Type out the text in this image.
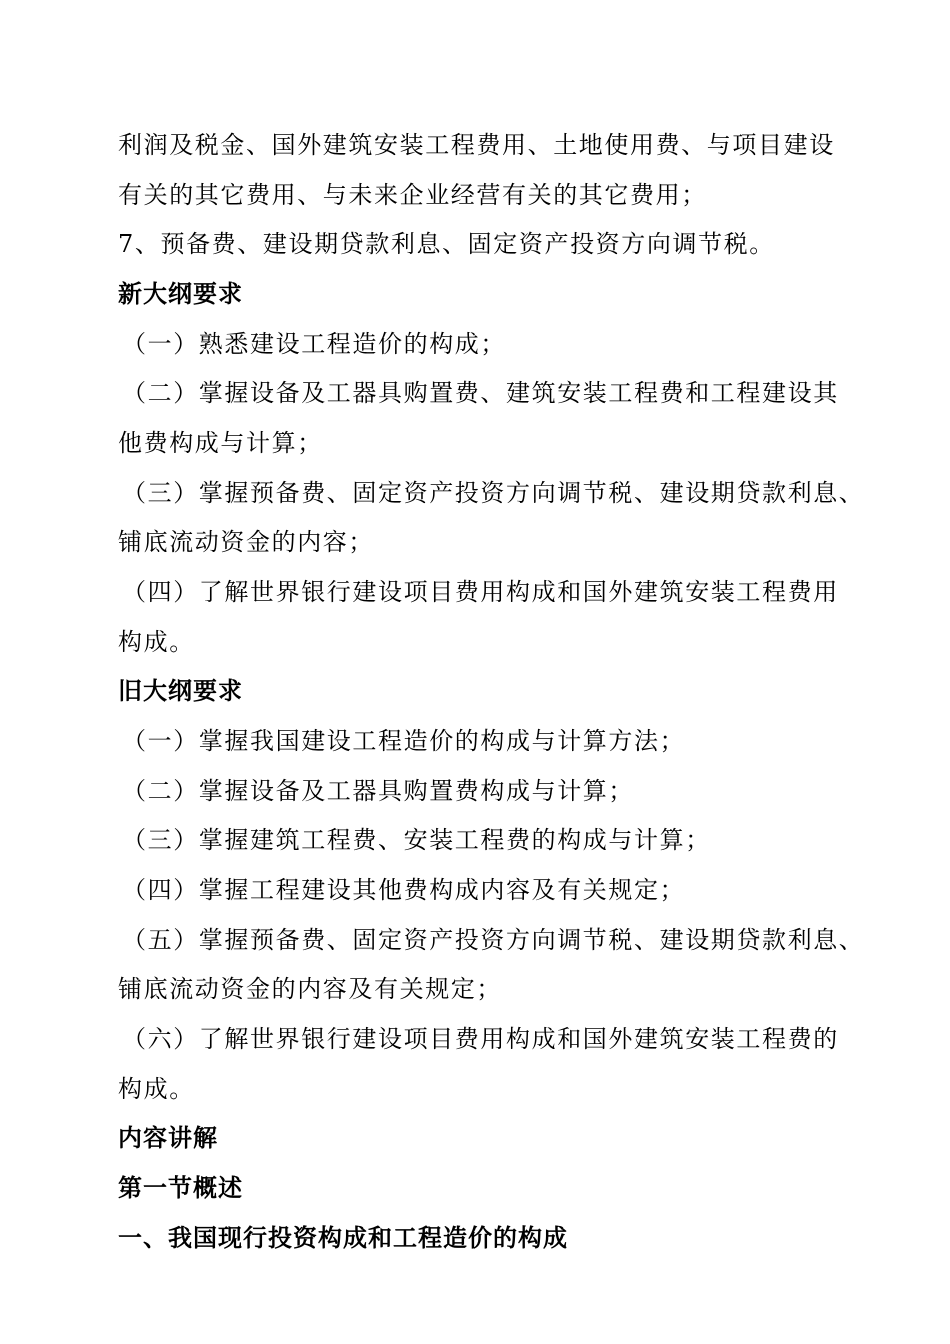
利润及税金、国外建筑安装工程费用、土地使用费、与项目建设
有关的其它费用、与未来企业经营有关的其它费用；
7、预备费、建设期贷款利息、固定资产投资方向调节税。
新大纲要求
（一）熟悉建设工程造价的构成；
（二）掌握设备及工器具购置费、建筑安装工程费和工程建设其
他费构成与计算；
（三）掌握预备费、固定资产投资方向调节税、建设期贷款利息、
铺底流动资金的内容；
（四）了解世界银行建设项目费用构成和国外建筑安装工程费用
构成。
旧大纲要求
（一）掌握我国建设工程造价的构成与计算方法；
（二）掌握设备及工器具购置费构成与计算；
（三）掌握建筑工程费、安装工程费的构成与计算；
（四）掌握工程建设其他费构成内容及有关规定；
（五）掌握预备费、固定资产投资方向调节税、建设期贷款利息、
铺底流动资金的内容及有关规定；
（六）了解世界银行建设项目费用构成和国外建筑安装工程费的
构成。
内容讲解
第一节概述
一、我国现行投资构成和工程造价的构成
